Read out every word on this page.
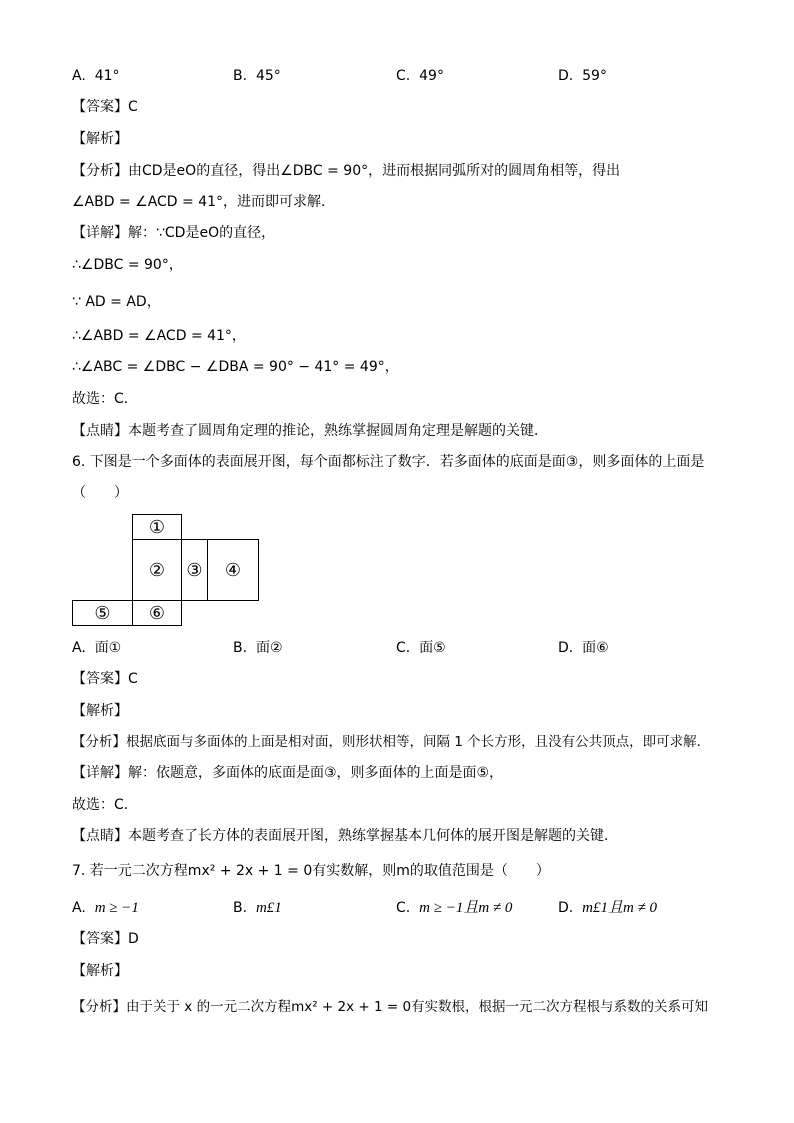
A. 41°	B. 45°	C. 49°	D. 59°
【答案】C
【解析】
【分析】由CD是eO的直径，得出∠DBC = 90°，进而根据同弧所对的圆周角相等，得出
∠ABD = ∠ACD = 41°，进而即可求解．
【详解】解：∵CD是eO的直径，
∴∠DBC = 90°，
∵ AD = AD，
∴∠ABD = ∠ACD = 41°，
∴∠ABC = ∠DBC − ∠DBA = 90° − 41° = 49°，
故选：C．
【点睛】本题考查了圆周角定理的推论，熟练掌握圆周角定理是解题的关键．
6. 下图是一个多面体的表面展开图，每个面都标注了数字．若多面体的底面是面③，则多面体的上面是
（　　）
①
②	③	④
⑤	⑥
A. 面①	B. 面②	C. 面⑤	D. 面⑥
【答案】C
【解析】
【分析】根据底面与多面体的上面是相对面，则形状相等，间隔 1 个长方形，且没有公共顶点，即可求解．
【详解】解：依题意，多面体的底面是面③，则多面体的上面是面⑤，
故选：C．
【点睛】本题考查了长方体的表面展开图，熟练掌握基本几何体的展开图是解题的关键．
7. 若一元二次方程mx² + 2x + 1 = 0有实数解，则m的取值范围是（　　）
A. m ≥ −1	B. m£1	C. m ≥ −1且m ≠ 0	D. m£1且m ≠ 0
【答案】D
【解析】
【分析】由于关于 x 的一元二次方程mx² + 2x + 1 = 0有实数根，根据一元二次方程根与系数的关系可知
